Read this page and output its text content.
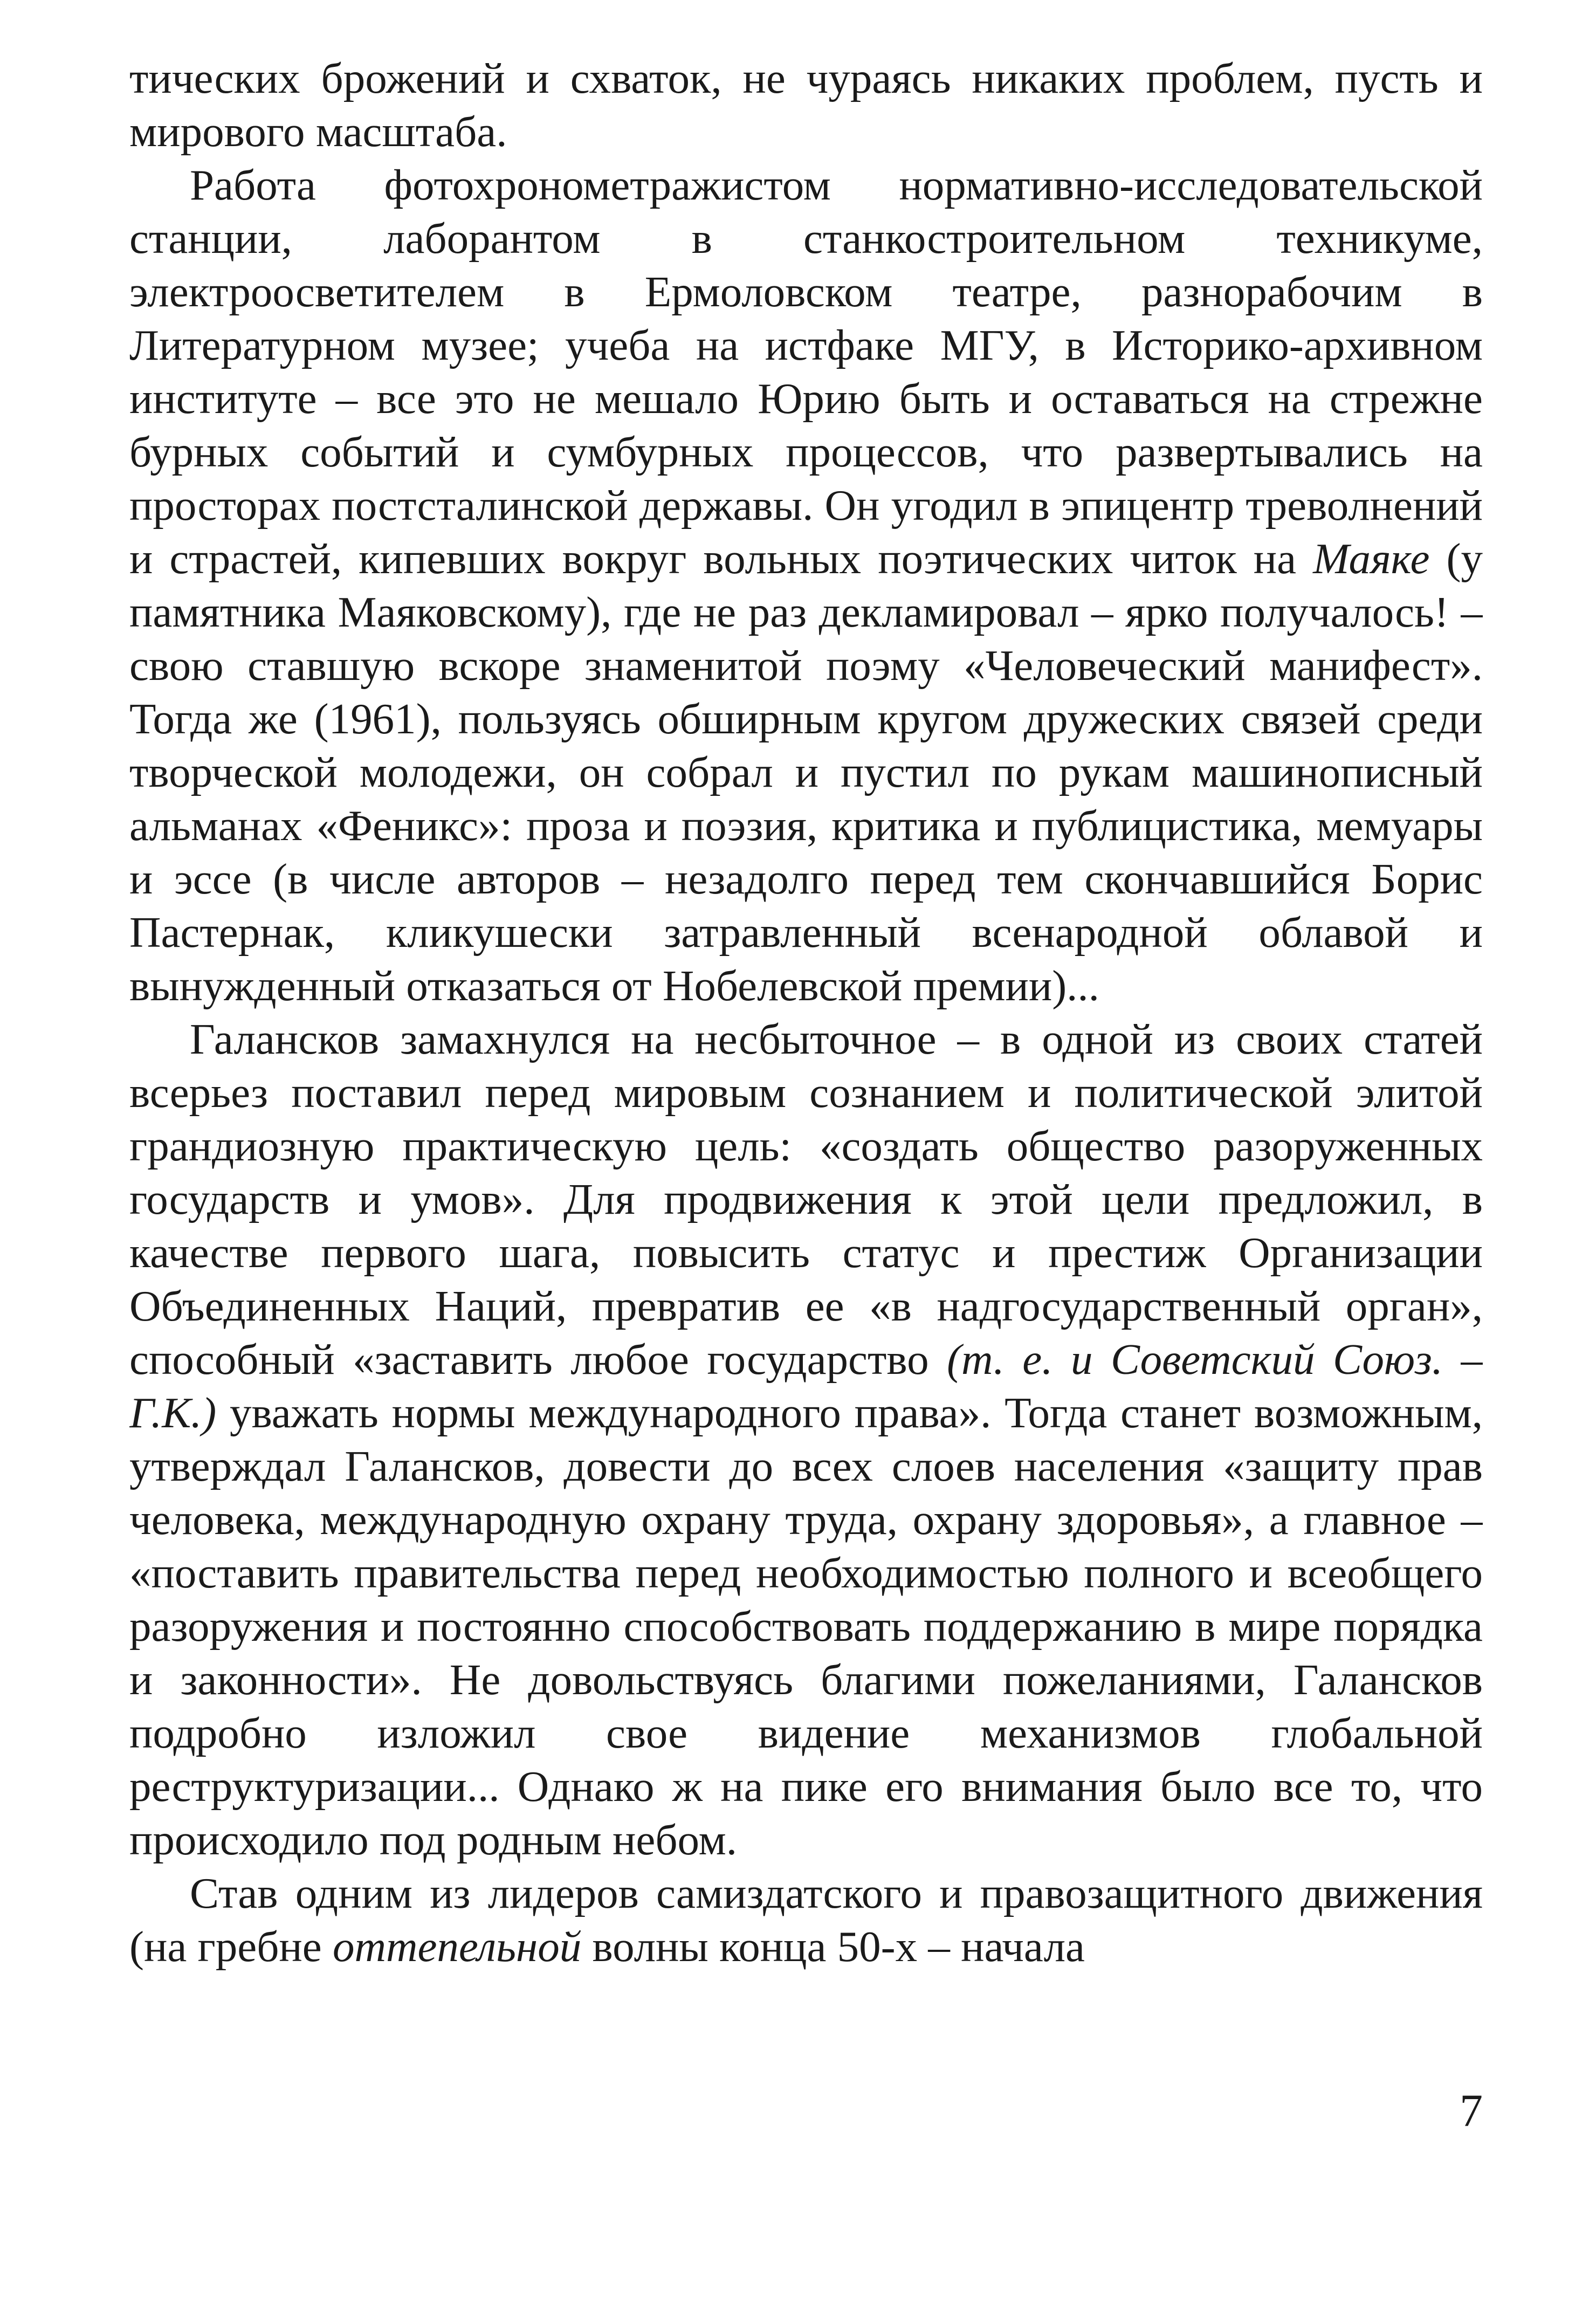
тических брожений и схваток, не чураясь никаких проблем, пусть и мирового масштаба.

Работа фотохронометражистом нормативно-исследовательской станции, лаборантом в станкостроительном техникуме, электроосветителем в Ермоловском театре, разнорабочим в Литературном музее; учеба на истфаке МГУ, в Историко-архивном институте – все это не мешало Юрию быть и оставаться на стрежне бурных событий и сумбурных процессов, что развертывались на просторах постсталинской державы. Он угодил в эпицентр треволнений и страстей, кипевших вокруг вольных поэтических читок на Маяке (у памятника Маяковскому), где не раз декламировал – ярко получалось! – свою ставшую вскоре знаменитой поэму «Человеческий манифест». Тогда же (1961), пользуясь обширным кругом дружеских связей среди творческой молодежи, он собрал и пустил по рукам машинописный альманах «Феникс»: проза и поэзия, критика и публицистика, мемуары и эссе (в числе авторов – незадолго перед тем скончавшийся Борис Пастернак, кликушески затравленный всенародной облавой и вынужденный отказаться от Нобелевской премии)...

Галансков замахнулся на несбыточное – в одной из своих статей всерьез поставил перед мировым сознанием и политической элитой грандиозную практическую цель: «создать общество разоруженных государств и умов». Для продвижения к этой цели предложил, в качестве первого шага, повысить статус и престиж Организации Объединенных Наций, превратив ее «в надгосударственный орган», способный «заставить любое государство (т. е. и Советский Союз. – Г.К.) уважать нормы международного права». Тогда станет возможным, утверждал Галансков, довести до всех слоев населения «защиту прав человека, международную охрану труда, охрану здоровья», а главное – «поставить правительства перед необходимостью полного и всеобщего разоружения и постоянно способствовать поддержанию в мире порядка и законности». Не довольствуясь благими пожеланиями, Галансков подробно изложил свое видение механизмов глобальной реструктуризации... Однако ж на пике его внимания было все то, что происходило под родным небом.

Став одним из лидеров самиздатского и правозащитного движения (на гребне оттепельной волны конца 50-х – начала

7
